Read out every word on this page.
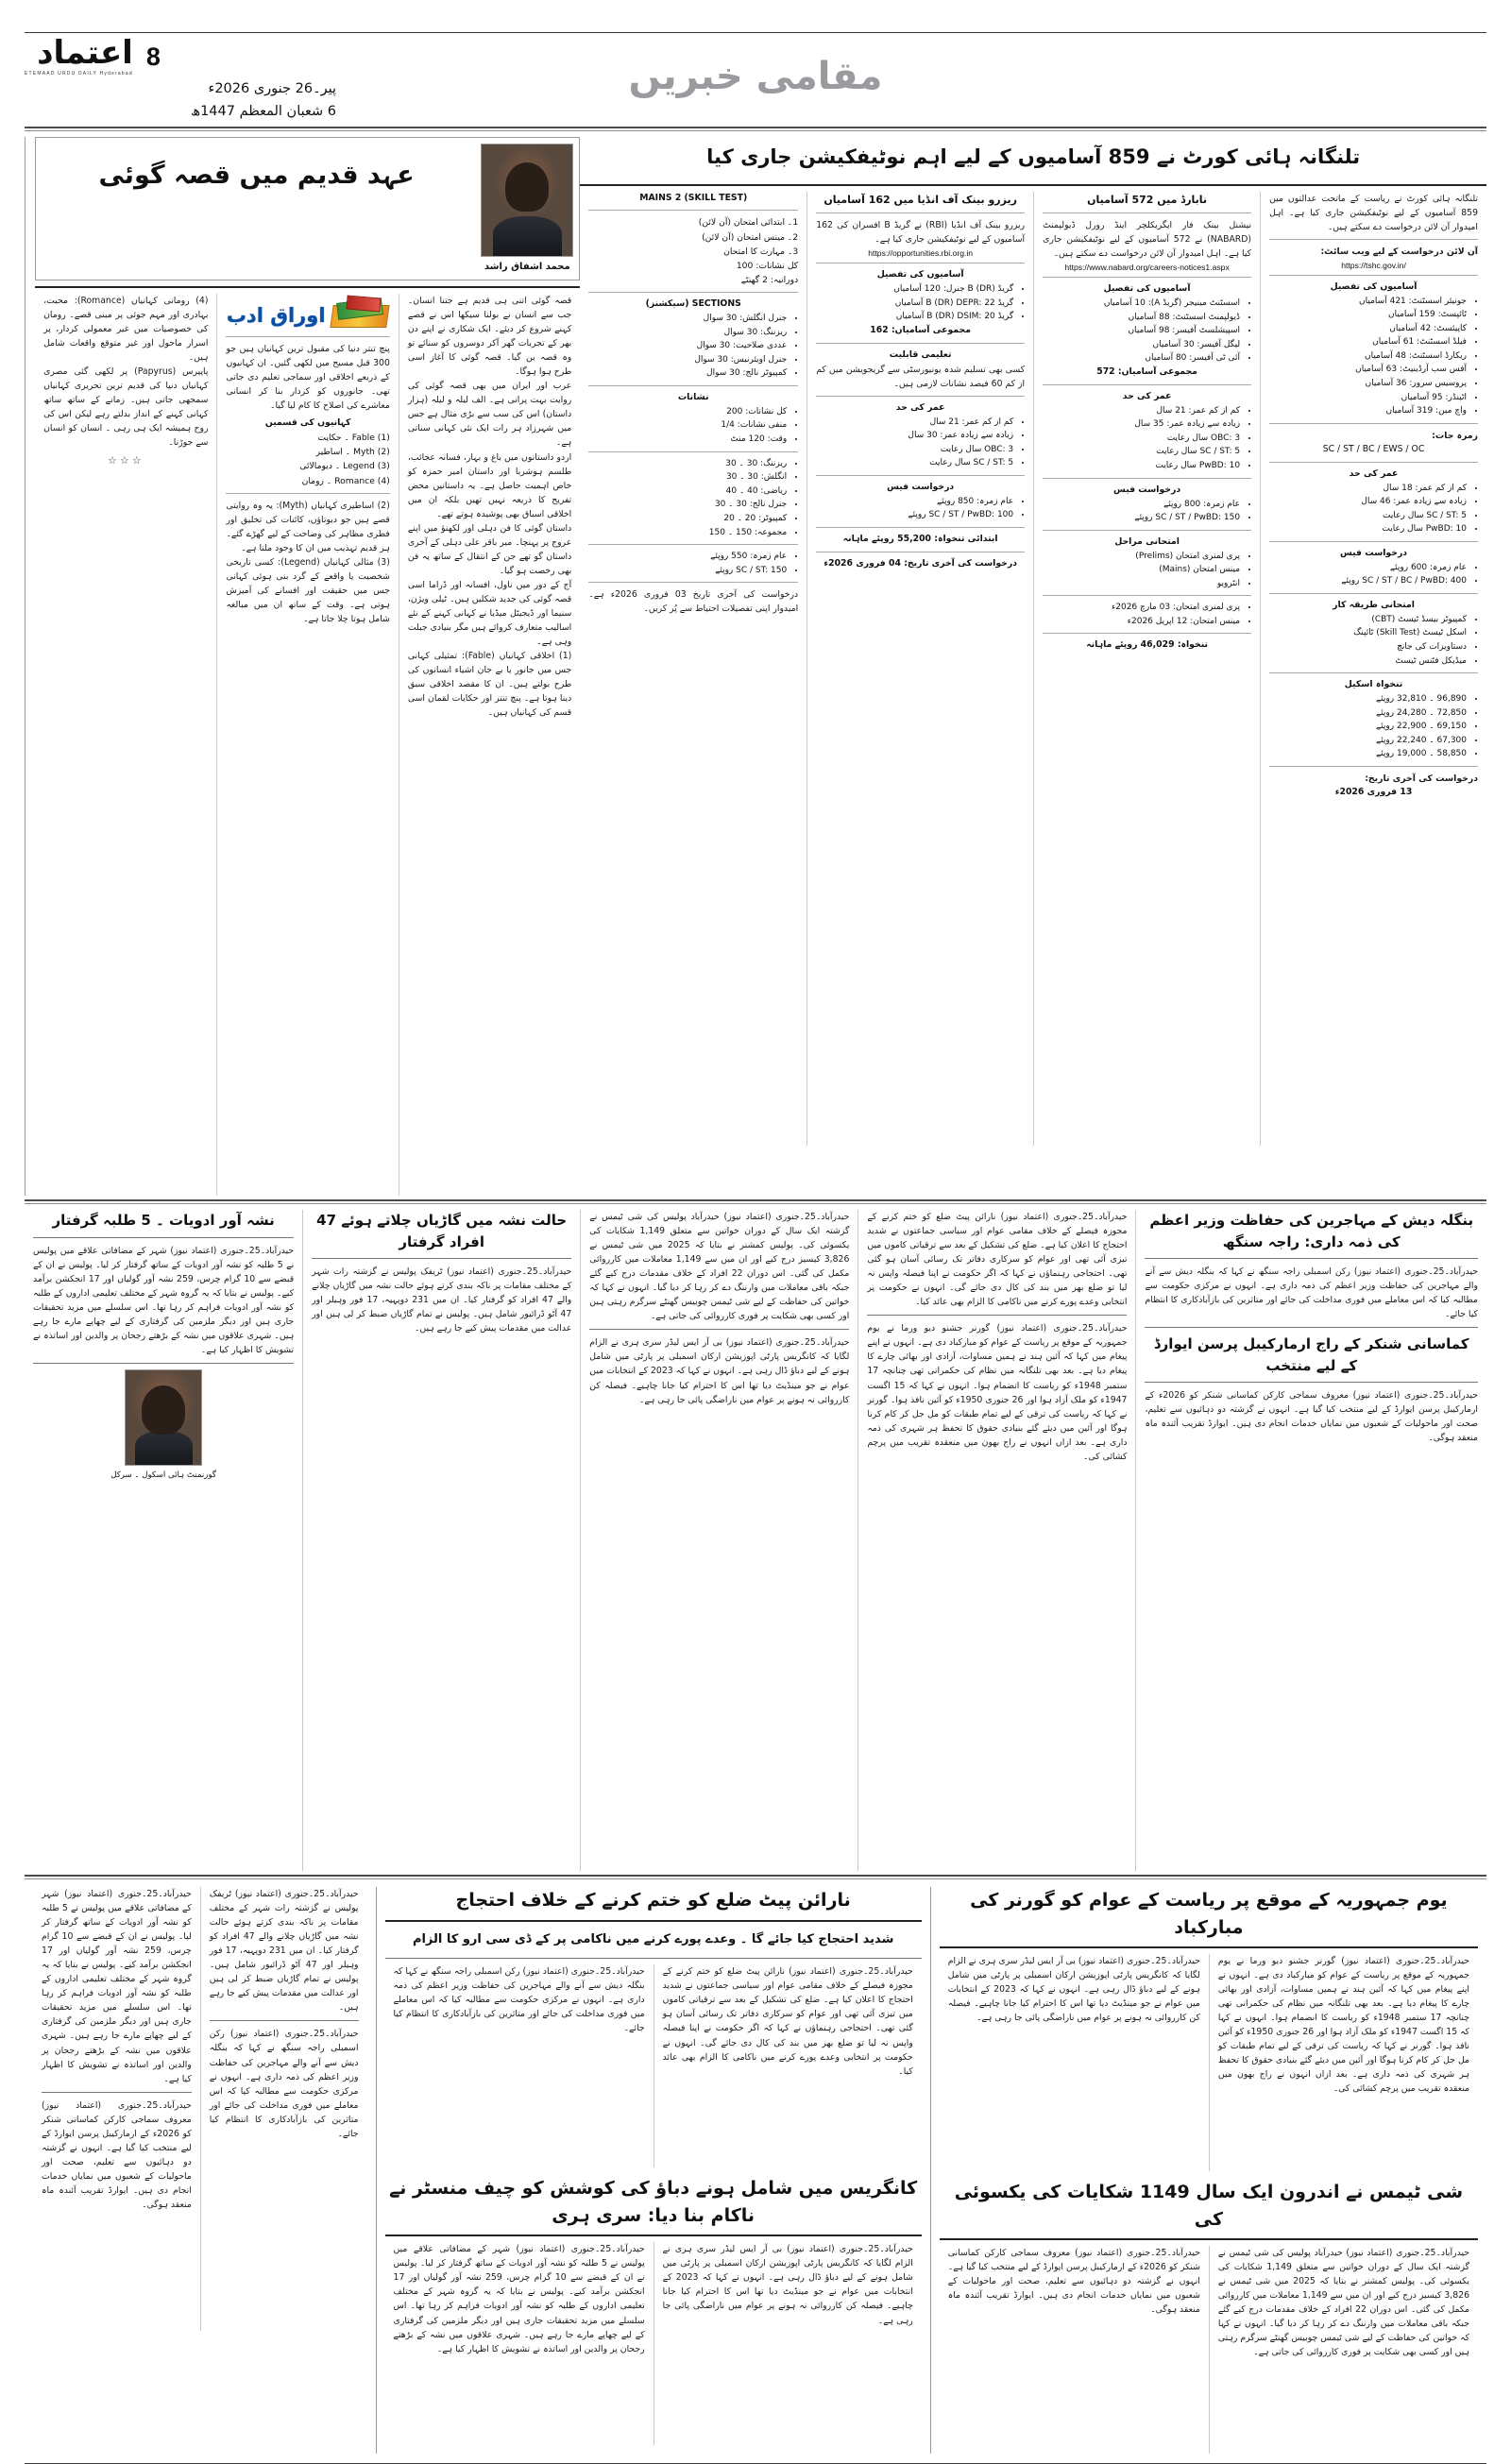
اعتماد
ETEMAAD URDU DAILY Hyderabad
8
پیر۔26 جنوری 2026ء
6 شعبان المعظم 1447ھ
مقامی خبریں
تلنگانہ ہائی کورٹ نے 859 آسامیوں کے لیے اہم نوٹیفکیشن جاری کیا
تلنگانہ ہائی کورٹ نے ریاست کے ماتحت عدالتوں میں 859 آسامیوں کے لیے نوٹیفکیشن جاری کیا ہے۔ اہل امیدوار آن لائن درخواست دے سکتے ہیں۔
آن لائن درخواست کے لیے ویب سائٹ:
https://tshc.gov.in/
آسامیوں کی تفصیل
• جونیئر اسسٹنٹ: 421 آسامیاں
• ٹائپسٹ: 159 آسامیاں
• کاپیئسٹ: 42 آسامیاں
• فیلڈ اسسٹنٹ: 61 آسامیاں
• ریکارڈ اسسٹنٹ: 48 آسامیاں
• آفس سب آرڈینیٹ: 63 آسامیاں
• پروسیس سرور: 36 آسامیاں
• اٹینڈر: 95 آسامیاں
• واچ مین: 319 آسامیاں
زمرہ جات:
SC / ST / BC / EWS / OC
عمر کی حد
• کم از کم عمر: 18 سال
• زیادہ سے زیادہ عمر: 46 سال
• SC / ST: 5 سال رعایت
• PwBD: 10 سال رعایت
درخواست فیس
• عام زمرہ: 600 روپئے
• SC / ST / BC / PwBD: 400 روپئے
امتحانی طریقہ کار
• کمپیوٹر بیسڈ ٹیسٹ (CBT)
• اسکل ٹیسٹ (Skill Test) ٹائپنگ
• دستاویزات کی جانچ
• میڈیکل فٹنس ٹیسٹ
تنخواہ اسکیل
• 96,890 ۔ 32,810 روپئے
• 72,850 ۔ 24,280 روپئے
• 69,150 ۔ 22,900 روپئے
• 67,300 ۔ 22,240 روپئے
• 58,850 ۔ 19,000 روپئے
درخواست کی آخری تاریخ:
13 فروری 2026ء
نابارڈ میں 572 آسامیاں
نیشنل بینک فار ایگریکلچر اینڈ رورل ڈیولپمنٹ (NABARD) نے 572 آسامیوں کے لیے نوٹیفکیشن جاری کیا ہے۔ اہل امیدوار آن لائن درخواست دے سکتے ہیں۔
https://www.nabard.org/careers-notices1.aspx
آسامیوں کی تفصیل
• اسسٹنٹ مینیجر (گریڈ A): 10 آسامیاں
• ڈیولپمنٹ اسسٹنٹ: 88 آسامیاں
• اسپیشلسٹ آفیسر: 98 آسامیاں
• لیگل آفیسر: 30 آسامیاں
• آئی ٹی آفیسر: 80 آسامیاں
مجموعی آسامیاں: 572
عمر کی حد
• کم از کم عمر: 21 سال
• زیادہ سے زیادہ عمر: 35 سال
• OBC: 3 سال رعایت
• SC / ST: 5 سال رعایت
• PwBD: 10 سال رعایت
درخواست فیس
• عام زمرہ: 800 روپئے
• SC / ST / PwBD: 150 روپئے
امتحانی مراحل
• پری لمنری امتحان (Prelims)
• مینس امتحان (Mains)
• انٹرویو
• پری لمنری امتحان: 03 مارچ 2026ء
• مینس امتحان: 12 اپریل 2026ء
تنخواہ: 46,029 روپئے ماہانہ
ریزرو بینک آف انڈیا میں 162 آسامیاں
ریزرو بینک آف انڈیا (RBI) نے گریڈ B افسران کی 162 آسامیوں کے لیے نوٹیفکیشن جاری کیا ہے۔
https://opportunities.rbi.org.in
آسامیوں کی تفصیل
• گریڈ B (DR) جنرل: 120 آسامیاں
• گریڈ B (DR) DEPR: 22 آسامیاں
• گریڈ B (DR) DSIM: 20 آسامیاں
مجموعی آسامیاں: 162
تعلیمی قابلیت
کسی بھی تسلیم شدہ یونیورسٹی سے گریجویشن میں کم از کم 60 فیصد نشانات لازمی ہیں۔
عمر کی حد
• کم از کم عمر: 21 سال
• زیادہ سے زیادہ عمر: 30 سال
• OBC: 3 سال رعایت
• SC / ST: 5 سال رعایت
درخواست فیس
• عام زمرہ: 850 روپئے
• SC / ST / PwBD: 100 روپئے
ابتدائی تنخواہ: 55,200 روپئے ماہانہ
درخواست کی آخری تاریخ: 04 فروری 2026ء
MAINS 2 (SKILL TEST)
1۔ ابتدائی امتحان (آن لائن)
2۔ مینس امتحان (آن لائن)
3۔ مہارت کا امتحان
کل نشانات: 100
دورانیہ: 2 گھنٹے
SECTIONS (سیکشنز)
• جنرل انگلش: 30 سوال
• ریزننگ: 30 سوال
• عددی صلاحیت: 30 سوال
• جنرل اویئرنیس: 30 سوال
• کمپیوٹر نالج: 30 سوال
نشانات
• کل نشانات: 200
• منفی نشانات: 1/4
• وقت: 120 منٹ
• ریزننگ: 30 ۔ 30
• انگلش: 30 ۔ 30
• ریاضی: 40 ۔ 40
• جنرل نالج: 30 ۔ 30
• کمپیوٹر: 20 ۔ 20
• مجموعہ: 150 ۔ 150
• عام زمرہ: 550 روپئے
• SC / ST: 150 روپئے
درخواست کی آخری تاریخ 03 فروری 2026ء ہے۔ امیدوار اپنی تفصیلات احتیاط سے پُر کریں۔
عہد قدیم میں قصہ گوئی
محمد اشفاق راشد
قصہ گوئی اتنی ہی قدیم ہے جتنا انسان۔ جب سے انسان نے بولنا سیکھا اس نے قصے کہنے شروع کر دیئے۔ ایک شکاری نے اپنے دن بھر کے تجربات گھر آکر دوسروں کو سنائے تو وہ قصہ بن گیا۔ قصہ گوئی کا آغاز اسی طرح ہوا ہوگا۔
عرب اور ایران میں بھی قصہ گوئی کی روایت بہت پرانی ہے۔ الف لیلہ و لیلہ (ہزار داستان) اس کی سب سے بڑی مثال ہے جس میں شہرزاد ہر رات ایک نئی کہانی سناتی ہے۔
اردو داستانوں میں باغ و بہار، فسانہ عجائب، طلسم ہوشربا اور داستان امیر حمزہ کو خاص اہمیت حاصل ہے۔ یہ داستانیں محض تفریح کا ذریعہ نہیں تھیں بلکہ ان میں اخلاقی اسباق بھی پوشیدہ ہوتے تھے۔
داستان گوئی کا فن دہلی اور لکھنؤ میں اپنے عروج پر پہنچا۔ میر باقر علی دہلی کے آخری داستان گو تھے جن کے انتقال کے ساتھ یہ فن بھی رخصت ہو گیا۔
آج کے دور میں ناول، افسانہ اور ڈراما اسی قصہ گوئی کی جدید شکلیں ہیں۔ ٹیلی ویژن، سنیما اور ڈیجیٹل میڈیا نے کہانی کہنے کے نئے اسالیب متعارف کروائے ہیں مگر بنیادی جبلت وہی ہے۔
(1) اخلاقی کہانیاں (Fable): تمثیلی کہانی جس میں جانور یا بے جان اشیاء انسانوں کی طرح بولتے ہیں۔ ان کا مقصد اخلاقی سبق دینا ہوتا ہے۔ پنچ تنتر اور حکایات لقمان اسی قسم کی کہانیاں ہیں۔
اوراق ادب
پنچ تنتر دنیا کی مقبول ترین کہانیاں ہیں جو 300 قبل مسیح میں لکھی گئیں۔ ان کہانیوں کے ذریعے اخلاقی اور سماجی تعلیم دی جاتی تھی۔ جانوروں کو کردار بنا کر انسانی معاشرے کی اصلاح کا کام لیا گیا۔
کہانیوں کی قسمیں
(1) Fable ۔ حکایت
(2) Myth ۔ اساطیر
(3) Legend ۔ دیومالائی
(4) Romance ۔ رومان
(2) اساطیری کہانیاں (Myth): یہ وہ روایتی قصے ہیں جو دیوتاؤں، کائنات کی تخلیق اور فطری مظاہر کی وضاحت کے لیے گھڑے گئے۔ ہر قدیم تہذیب میں ان کا وجود ملتا ہے۔
(3) مثالی کہانیاں (Legend): کسی تاریخی شخصیت یا واقعے کے گرد بنی ہوئی کہانی جس میں حقیقت اور افسانے کی آمیزش ہوتی ہے۔ وقت کے ساتھ ان میں مبالغہ شامل ہوتا چلا جاتا ہے۔
(4) رومانی کہانیاں (Romance): محبت، بہادری اور مہم جوئی پر مبنی قصے۔ رومان کی خصوصیات میں غیر معمولی کردار، پر اسرار ماحول اور غیر متوقع واقعات شامل ہیں۔
پاپیرس (Papyrus) پر لکھی گئی مصری کہانیاں دنیا کی قدیم ترین تحریری کہانیاں سمجھی جاتی ہیں۔ زمانے کے ساتھ ساتھ کہانی کہنے کے انداز بدلتے رہے لیکن اس کی روح ہمیشہ ایک ہی رہی ۔ انسان کو انسان سے جوڑنا۔
☆☆☆
بنگلہ دیش کے مہاجرین کی حفاظت وزیر اعظم کی ذمہ داری: راجہ سنگھ
حیدرآباد۔25۔جنوری (اعتماد نیوز) رکن اسمبلی راجہ سنگھ نے کہا کہ بنگلہ دیش سے آنے والے مہاجرین کی حفاظت وزیر اعظم کی ذمہ داری ہے۔ انہوں نے مرکزی حکومت سے مطالبہ کیا کہ اس معاملے میں فوری مداخلت کی جائے اور متاثرین کی بازآبادکاری کا انتظام کیا جائے۔
کماسانی شنکر کے راج ارمارکیبل پرسن ایوارڈ کے لیے منتخب
حیدرآباد۔25۔جنوری (اعتماد نیوز) معروف سماجی کارکن کماسانی شنکر کو 2026ء کے ارمارکیبل پرسن ایوارڈ کے لیے منتخب کیا گیا ہے۔ انہوں نے گزشتہ دو دہائیوں سے تعلیم، صحت اور ماحولیات کے شعبوں میں نمایاں خدمات انجام دی ہیں۔ ایوارڈ تقریب آئندہ ماہ منعقد ہوگی۔
حیدرآباد۔25۔جنوری (اعتماد نیوز) نارائن پیٹ ضلع کو ختم کرنے کے مجوزہ فیصلے کے خلاف مقامی عوام اور سیاسی جماعتوں نے شدید احتجاج کا اعلان کیا ہے۔ ضلع کی تشکیل کے بعد سے ترقیاتی کاموں میں تیزی آئی تھی اور عوام کو سرکاری دفاتر تک رسائی آسان ہو گئی تھی۔ احتجاجی رہنماؤں نے کہا کہ اگر حکومت نے اپنا فیصلہ واپس نہ لیا تو ضلع بھر میں بند کی کال دی جائے گی۔ انہوں نے حکومت پر انتخابی وعدے پورے کرنے میں ناکامی کا الزام بھی عائد کیا۔
حیدرآباد۔25۔جنوری (اعتماد نیوز) گورنر جشنو دیو ورما نے یوم جمہوریہ کے موقع پر ریاست کے عوام کو مبارکباد دی ہے۔ انہوں نے اپنے پیغام میں کہا کہ آئین ہند نے ہمیں مساوات، آزادی اور بھائی چارے کا پیغام دیا ہے۔ بعد بھی تلنگانہ میں نظام کی حکمرانی تھی چنانچہ 17 ستمبر 1948ء کو ریاست کا انضمام ہوا۔ انہوں نے کہا کہ 15 اگست 1947ء کو ملک آزاد ہوا اور 26 جنوری 1950ء کو آئین نافذ ہوا۔ گورنر نے کہا کہ ریاست کی ترقی کے لیے تمام طبقات کو مل جل کر کام کرنا ہوگا اور آئین میں دیئے گئے بنیادی حقوق کا تحفظ ہر شہری کی ذمہ داری ہے۔ بعد ازاں انہوں نے راج بھون میں منعقدہ تقریب میں پرچم کشائی کی۔
حیدرآباد۔25۔جنوری (اعتماد نیوز) حیدرآباد پولیس کی شی ٹیمس نے گزشتہ ایک سال کے دوران خواتین سے متعلق 1,149 شکایات کی یکسوئی کی۔ پولیس کمشنر نے بتایا کہ 2025 میں شی ٹیمس نے 3,826 کیسیز درج کیے اور ان میں سے 1,149 معاملات میں کارروائی مکمل کی گئی۔ اس دوران 22 افراد کے خلاف مقدمات درج کیے گئے جبکہ باقی معاملات میں وارننگ دے کر رہا کر دیا گیا۔ انہوں نے کہا کہ خواتین کی حفاظت کے لیے شی ٹیمس چوبیس گھنٹے سرگرم رہتی ہیں اور کسی بھی شکایت پر فوری کارروائی کی جاتی ہے۔
حیدرآباد۔25۔جنوری (اعتماد نیوز) بی آر ایس لیڈر سری ہری نے الزام لگایا کہ کانگریس پارٹی اپوزیشن ارکان اسمبلی پر پارٹی میں شامل ہونے کے لیے دباؤ ڈال رہی ہے۔ انہوں نے کہا کہ 2023 کے انتخابات میں عوام نے جو مینڈیٹ دیا تھا اس کا احترام کیا جانا چاہیے۔ فیصلہ کن کارروائی نہ ہونے پر عوام میں ناراضگی پائی جا رہی ہے۔
حالت نشہ میں گاڑیاں چلاتے ہوئے 47 افراد گرفتار
حیدرآباد۔25۔جنوری (اعتماد نیوز) ٹریفک پولیس نے گزشتہ رات شہر کے مختلف مقامات پر ناکہ بندی کرتے ہوئے حالت نشہ میں گاڑیاں چلانے والے 47 افراد کو گرفتار کیا۔ ان میں 231 دوپہیہ، 17 فور وہیلر اور 47 آٹو ڈرائیور شامل ہیں۔ پولیس نے تمام گاڑیاں ضبط کر لی ہیں اور عدالت میں مقدمات پیش کیے جا رہے ہیں۔
نشہ آور ادویات ۔ 5 طلبہ گرفتار
حیدرآباد۔25۔جنوری (اعتماد نیوز) شہر کے مضافاتی علاقے میں پولیس نے 5 طلبہ کو نشہ آور ادویات کے ساتھ گرفتار کر لیا۔ پولیس نے ان کے قبضے سے 10 گرام چرس، 259 نشہ آور گولیاں اور 17 انجکشن برآمد کیے۔ پولیس نے بتایا کہ یہ گروہ شہر کے مختلف تعلیمی اداروں کے طلبہ کو نشہ آور ادویات فراہم کر رہا تھا۔ اس سلسلے میں مزید تحقیقات جاری ہیں اور دیگر ملزمین کی گرفتاری کے لیے چھاپے مارے جا رہے ہیں۔ شہری علاقوں میں نشہ کے بڑھتے رجحان پر والدین اور اساتذہ نے تشویش کا اظہار کیا ہے۔
گورنمنٹ ہائی اسکول ۔ سرکل
یوم جمہوریہ کے موقع پر ریاست کے عوام کو گورنر کی مبارکباد
حیدرآباد۔25۔جنوری (اعتماد نیوز) گورنر جشنو دیو ورما نے یوم جمہوریہ کے موقع پر ریاست کے عوام کو مبارکباد دی ہے۔ انہوں نے اپنے پیغام میں کہا کہ آئین ہند نے ہمیں مساوات، آزادی اور بھائی چارے کا پیغام دیا ہے۔ بعد بھی تلنگانہ میں نظام کی حکمرانی تھی چنانچہ 17 ستمبر 1948ء کو ریاست کا انضمام ہوا۔ انہوں نے کہا کہ 15 اگست 1947ء کو ملک آزاد ہوا اور 26 جنوری 1950ء کو آئین نافذ ہوا۔ گورنر نے کہا کہ ریاست کی ترقی کے لیے تمام طبقات کو مل جل کر کام کرنا ہوگا اور آئین میں دیئے گئے بنیادی حقوق کا تحفظ ہر شہری کی ذمہ داری ہے۔ بعد ازاں انہوں نے راج بھون میں منعقدہ تقریب میں پرچم کشائی کی۔
حیدرآباد۔25۔جنوری (اعتماد نیوز) بی آر ایس لیڈر سری ہری نے الزام لگایا کہ کانگریس پارٹی اپوزیشن ارکان اسمبلی پر پارٹی میں شامل ہونے کے لیے دباؤ ڈال رہی ہے۔ انہوں نے کہا کہ 2023 کے انتخابات میں عوام نے جو مینڈیٹ دیا تھا اس کا احترام کیا جانا چاہیے۔ فیصلہ کن کارروائی نہ ہونے پر عوام میں ناراضگی پائی جا رہی ہے۔
شی ٹیمس نے اندرون ایک سال 1149 شکایات کی یکسوئی کی
حیدرآباد۔25۔جنوری (اعتماد نیوز) حیدرآباد پولیس کی شی ٹیمس نے گزشتہ ایک سال کے دوران خواتین سے متعلق 1,149 شکایات کی یکسوئی کی۔ پولیس کمشنر نے بتایا کہ 2025 میں شی ٹیمس نے 3,826 کیسیز درج کیے اور ان میں سے 1,149 معاملات میں کارروائی مکمل کی گئی۔ اس دوران 22 افراد کے خلاف مقدمات درج کیے گئے جبکہ باقی معاملات میں وارننگ دے کر رہا کر دیا گیا۔ انہوں نے کہا کہ خواتین کی حفاظت کے لیے شی ٹیمس چوبیس گھنٹے سرگرم رہتی ہیں اور کسی بھی شکایت پر فوری کارروائی کی جاتی ہے۔
حیدرآباد۔25۔جنوری (اعتماد نیوز) معروف سماجی کارکن کماسانی شنکر کو 2026ء کے ارمارکیبل پرسن ایوارڈ کے لیے منتخب کیا گیا ہے۔ انہوں نے گزشتہ دو دہائیوں سے تعلیم، صحت اور ماحولیات کے شعبوں میں نمایاں خدمات انجام دی ہیں۔ ایوارڈ تقریب آئندہ ماہ منعقد ہوگی۔
نارائن پیٹ ضلع کو ختم کرنے کے خلاف احتجاج
شدید احتجاج کیا جائے گا ۔ وعدے پورے کرنے میں ناکامی پر کے ڈی سی ارو کا الزام
حیدرآباد۔25۔جنوری (اعتماد نیوز) نارائن پیٹ ضلع کو ختم کرنے کے مجوزہ فیصلے کے خلاف مقامی عوام اور سیاسی جماعتوں نے شدید احتجاج کا اعلان کیا ہے۔ ضلع کی تشکیل کے بعد سے ترقیاتی کاموں میں تیزی آئی تھی اور عوام کو سرکاری دفاتر تک رسائی آسان ہو گئی تھی۔ احتجاجی رہنماؤں نے کہا کہ اگر حکومت نے اپنا فیصلہ واپس نہ لیا تو ضلع بھر میں بند کی کال دی جائے گی۔ انہوں نے حکومت پر انتخابی وعدے پورے کرنے میں ناکامی کا الزام بھی عائد کیا۔
حیدرآباد۔25۔جنوری (اعتماد نیوز) رکن اسمبلی راجہ سنگھ نے کہا کہ بنگلہ دیش سے آنے والے مہاجرین کی حفاظت وزیر اعظم کی ذمہ داری ہے۔ انہوں نے مرکزی حکومت سے مطالبہ کیا کہ اس معاملے میں فوری مداخلت کی جائے اور متاثرین کی بازآبادکاری کا انتظام کیا جائے۔
کانگریس میں شامل ہونے دباؤ کی کوشش کو چیف منسٹر نے ناکام بنا دیا: سری ہری
حیدرآباد۔25۔جنوری (اعتماد نیوز) بی آر ایس لیڈر سری ہری نے الزام لگایا کہ کانگریس پارٹی اپوزیشن ارکان اسمبلی پر پارٹی میں شامل ہونے کے لیے دباؤ ڈال رہی ہے۔ انہوں نے کہا کہ 2023 کے انتخابات میں عوام نے جو مینڈیٹ دیا تھا اس کا احترام کیا جانا چاہیے۔ فیصلہ کن کارروائی نہ ہونے پر عوام میں ناراضگی پائی جا رہی ہے۔
حیدرآباد۔25۔جنوری (اعتماد نیوز) شہر کے مضافاتی علاقے میں پولیس نے 5 طلبہ کو نشہ آور ادویات کے ساتھ گرفتار کر لیا۔ پولیس نے ان کے قبضے سے 10 گرام چرس، 259 نشہ آور گولیاں اور 17 انجکشن برآمد کیے۔ پولیس نے بتایا کہ یہ گروہ شہر کے مختلف تعلیمی اداروں کے طلبہ کو نشہ آور ادویات فراہم کر رہا تھا۔ اس سلسلے میں مزید تحقیقات جاری ہیں اور دیگر ملزمین کی گرفتاری کے لیے چھاپے مارے جا رہے ہیں۔ شہری علاقوں میں نشہ کے بڑھتے رجحان پر والدین اور اساتذہ نے تشویش کا اظہار کیا ہے۔
حیدرآباد۔25۔جنوری (اعتماد نیوز) ٹریفک پولیس نے گزشتہ رات شہر کے مختلف مقامات پر ناکہ بندی کرتے ہوئے حالت نشہ میں گاڑیاں چلانے والے 47 افراد کو گرفتار کیا۔ ان میں 231 دوپہیہ، 17 فور وہیلر اور 47 آٹو ڈرائیور شامل ہیں۔ پولیس نے تمام گاڑیاں ضبط کر لی ہیں اور عدالت میں مقدمات پیش کیے جا رہے ہیں۔
حیدرآباد۔25۔جنوری (اعتماد نیوز) رکن اسمبلی راجہ سنگھ نے کہا کہ بنگلہ دیش سے آنے والے مہاجرین کی حفاظت وزیر اعظم کی ذمہ داری ہے۔ انہوں نے مرکزی حکومت سے مطالبہ کیا کہ اس معاملے میں فوری مداخلت کی جائے اور متاثرین کی بازآبادکاری کا انتظام کیا جائے۔
حیدرآباد۔25۔جنوری (اعتماد نیوز) شہر کے مضافاتی علاقے میں پولیس نے 5 طلبہ کو نشہ آور ادویات کے ساتھ گرفتار کر لیا۔ پولیس نے ان کے قبضے سے 10 گرام چرس، 259 نشہ آور گولیاں اور 17 انجکشن برآمد کیے۔ پولیس نے بتایا کہ یہ گروہ شہر کے مختلف تعلیمی اداروں کے طلبہ کو نشہ آور ادویات فراہم کر رہا تھا۔ اس سلسلے میں مزید تحقیقات جاری ہیں اور دیگر ملزمین کی گرفتاری کے لیے چھاپے مارے جا رہے ہیں۔ شہری علاقوں میں نشہ کے بڑھتے رجحان پر والدین اور اساتذہ نے تشویش کا اظہار کیا ہے۔
حیدرآباد۔25۔جنوری (اعتماد نیوز) معروف سماجی کارکن کماسانی شنکر کو 2026ء کے ارمارکیبل پرسن ایوارڈ کے لیے منتخب کیا گیا ہے۔ انہوں نے گزشتہ دو دہائیوں سے تعلیم، صحت اور ماحولیات کے شعبوں میں نمایاں خدمات انجام دی ہیں۔ ایوارڈ تقریب آئندہ ماہ منعقد ہوگی۔
